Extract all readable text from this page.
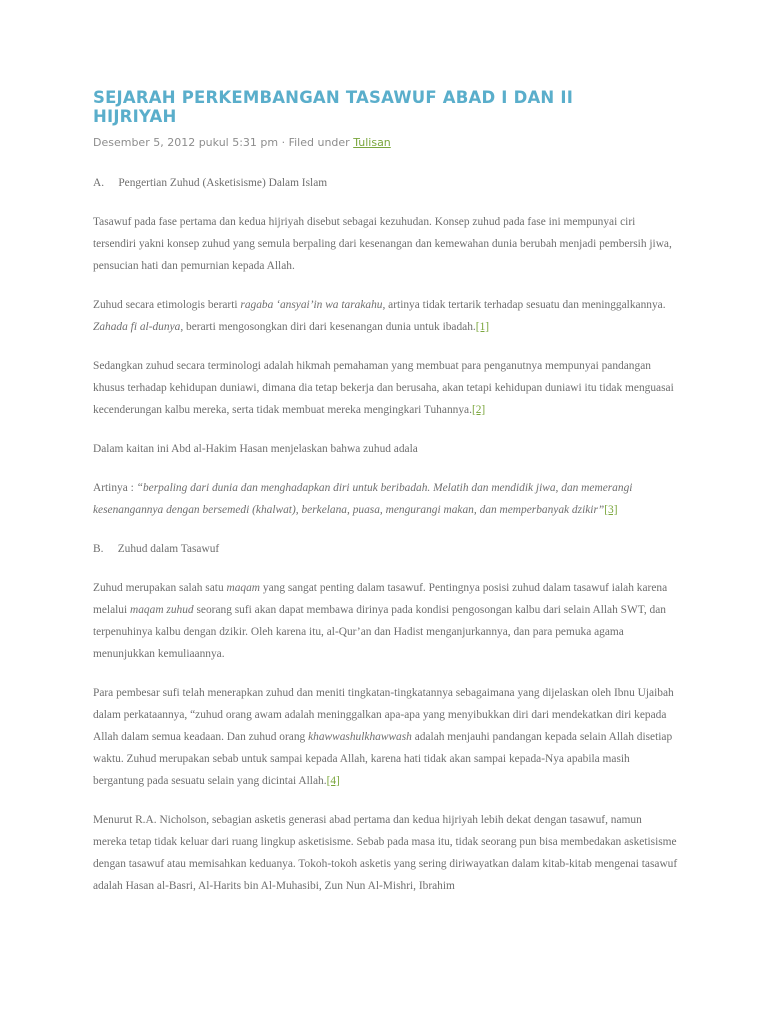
SEJARAH PERKEMBANGAN TASAWUF ABAD I DAN II HIJRIYAH
Desember 5, 2012 pukul 5:31 pm · Filed under Tulisan

A. Pengertian Zuhud (Asketisisme) Dalam Islam

Tasawuf pada fase pertama dan kedua hijriyah disebut sebagai kezuhudan. Konsep zuhud pada fase ini mempunyai ciri tersendiri yakni konsep zuhud yang semula berpaling dari kesenangan dan kemewahan dunia berubah menjadi pembersih jiwa, pensucian hati dan pemurnian kepada Allah.

Zuhud secara etimologis berarti ragaba ‘ansyai’in wa tarakahu, artinya tidak tertarik terhadap sesuatu dan meninggalkannya. Zahada fi al-dunya, berarti mengosongkan diri dari kesenangan dunia untuk ibadah.[1]

Sedangkan zuhud secara terminologi adalah hikmah pemahaman yang membuat para penganutnya mempunyai pandangan khusus terhadap kehidupan duniawi, dimana dia tetap bekerja dan berusaha, akan tetapi kehidupan duniawi itu tidak menguasai kecenderungan kalbu mereka, serta tidak membuat mereka mengingkari Tuhannya.[2]

Dalam kaitan ini Abd al-Hakim Hasan menjelaskan bahwa zuhud adala

Artinya : “berpaling dari dunia dan menghadapkan diri untuk beribadah. Melatih dan mendidik jiwa, dan memerangi kesenangannya dengan bersemedi (khalwat), berkelana, puasa, mengurangi makan, dan memperbanyak dzikir”[3]

B. Zuhud dalam Tasawuf

Zuhud merupakan salah satu maqam yang sangat penting dalam tasawuf. Pentingnya posisi zuhud dalam tasawuf ialah karena melalui maqam zuhud seorang sufi akan dapat membawa dirinya pada kondisi pengosongan kalbu dari selain Allah SWT, dan terpenuhinya kalbu dengan dzikir. Oleh karena itu, al-Qur’an dan Hadist menganjurkannya, dan para pemuka agama menunjukkan kemuliaannya.

Para pembesar sufi telah menerapkan zuhud dan meniti tingkatan-tingkatannya sebagaimana yang dijelaskan oleh Ibnu Ujaibah dalam perkataannya, “zuhud orang awam adalah meninggalkan apa-apa yang menyibukkan diri dari mendekatkan diri kepada Allah dalam semua keadaan. Dan zuhud orang khawwashulkhawwash adalah menjauhi pandangan kepada selain Allah disetiap waktu. Zuhud merupakan sebab untuk sampai kepada Allah, karena hati tidak akan sampai kepada-Nya apabila masih bergantung pada sesuatu selain yang dicintai Allah.[4]

Menurut R.A. Nicholson, sebagian asketis generasi abad pertama dan kedua hijriyah lebih dekat dengan tasawuf, namun mereka tetap tidak keluar dari ruang lingkup asketisisme. Sebab pada masa itu, tidak seorang pun bisa membedakan asketisisme dengan tasawuf atau memisahkan keduanya. Tokoh-tokoh asketis yang sering diriwayatkan dalam kitab-kitab mengenai tasawuf adalah Hasan al-Basri, Al-Harits bin Al-Muhasibi, Zun Nun Al-Mishri, Ibrahim
